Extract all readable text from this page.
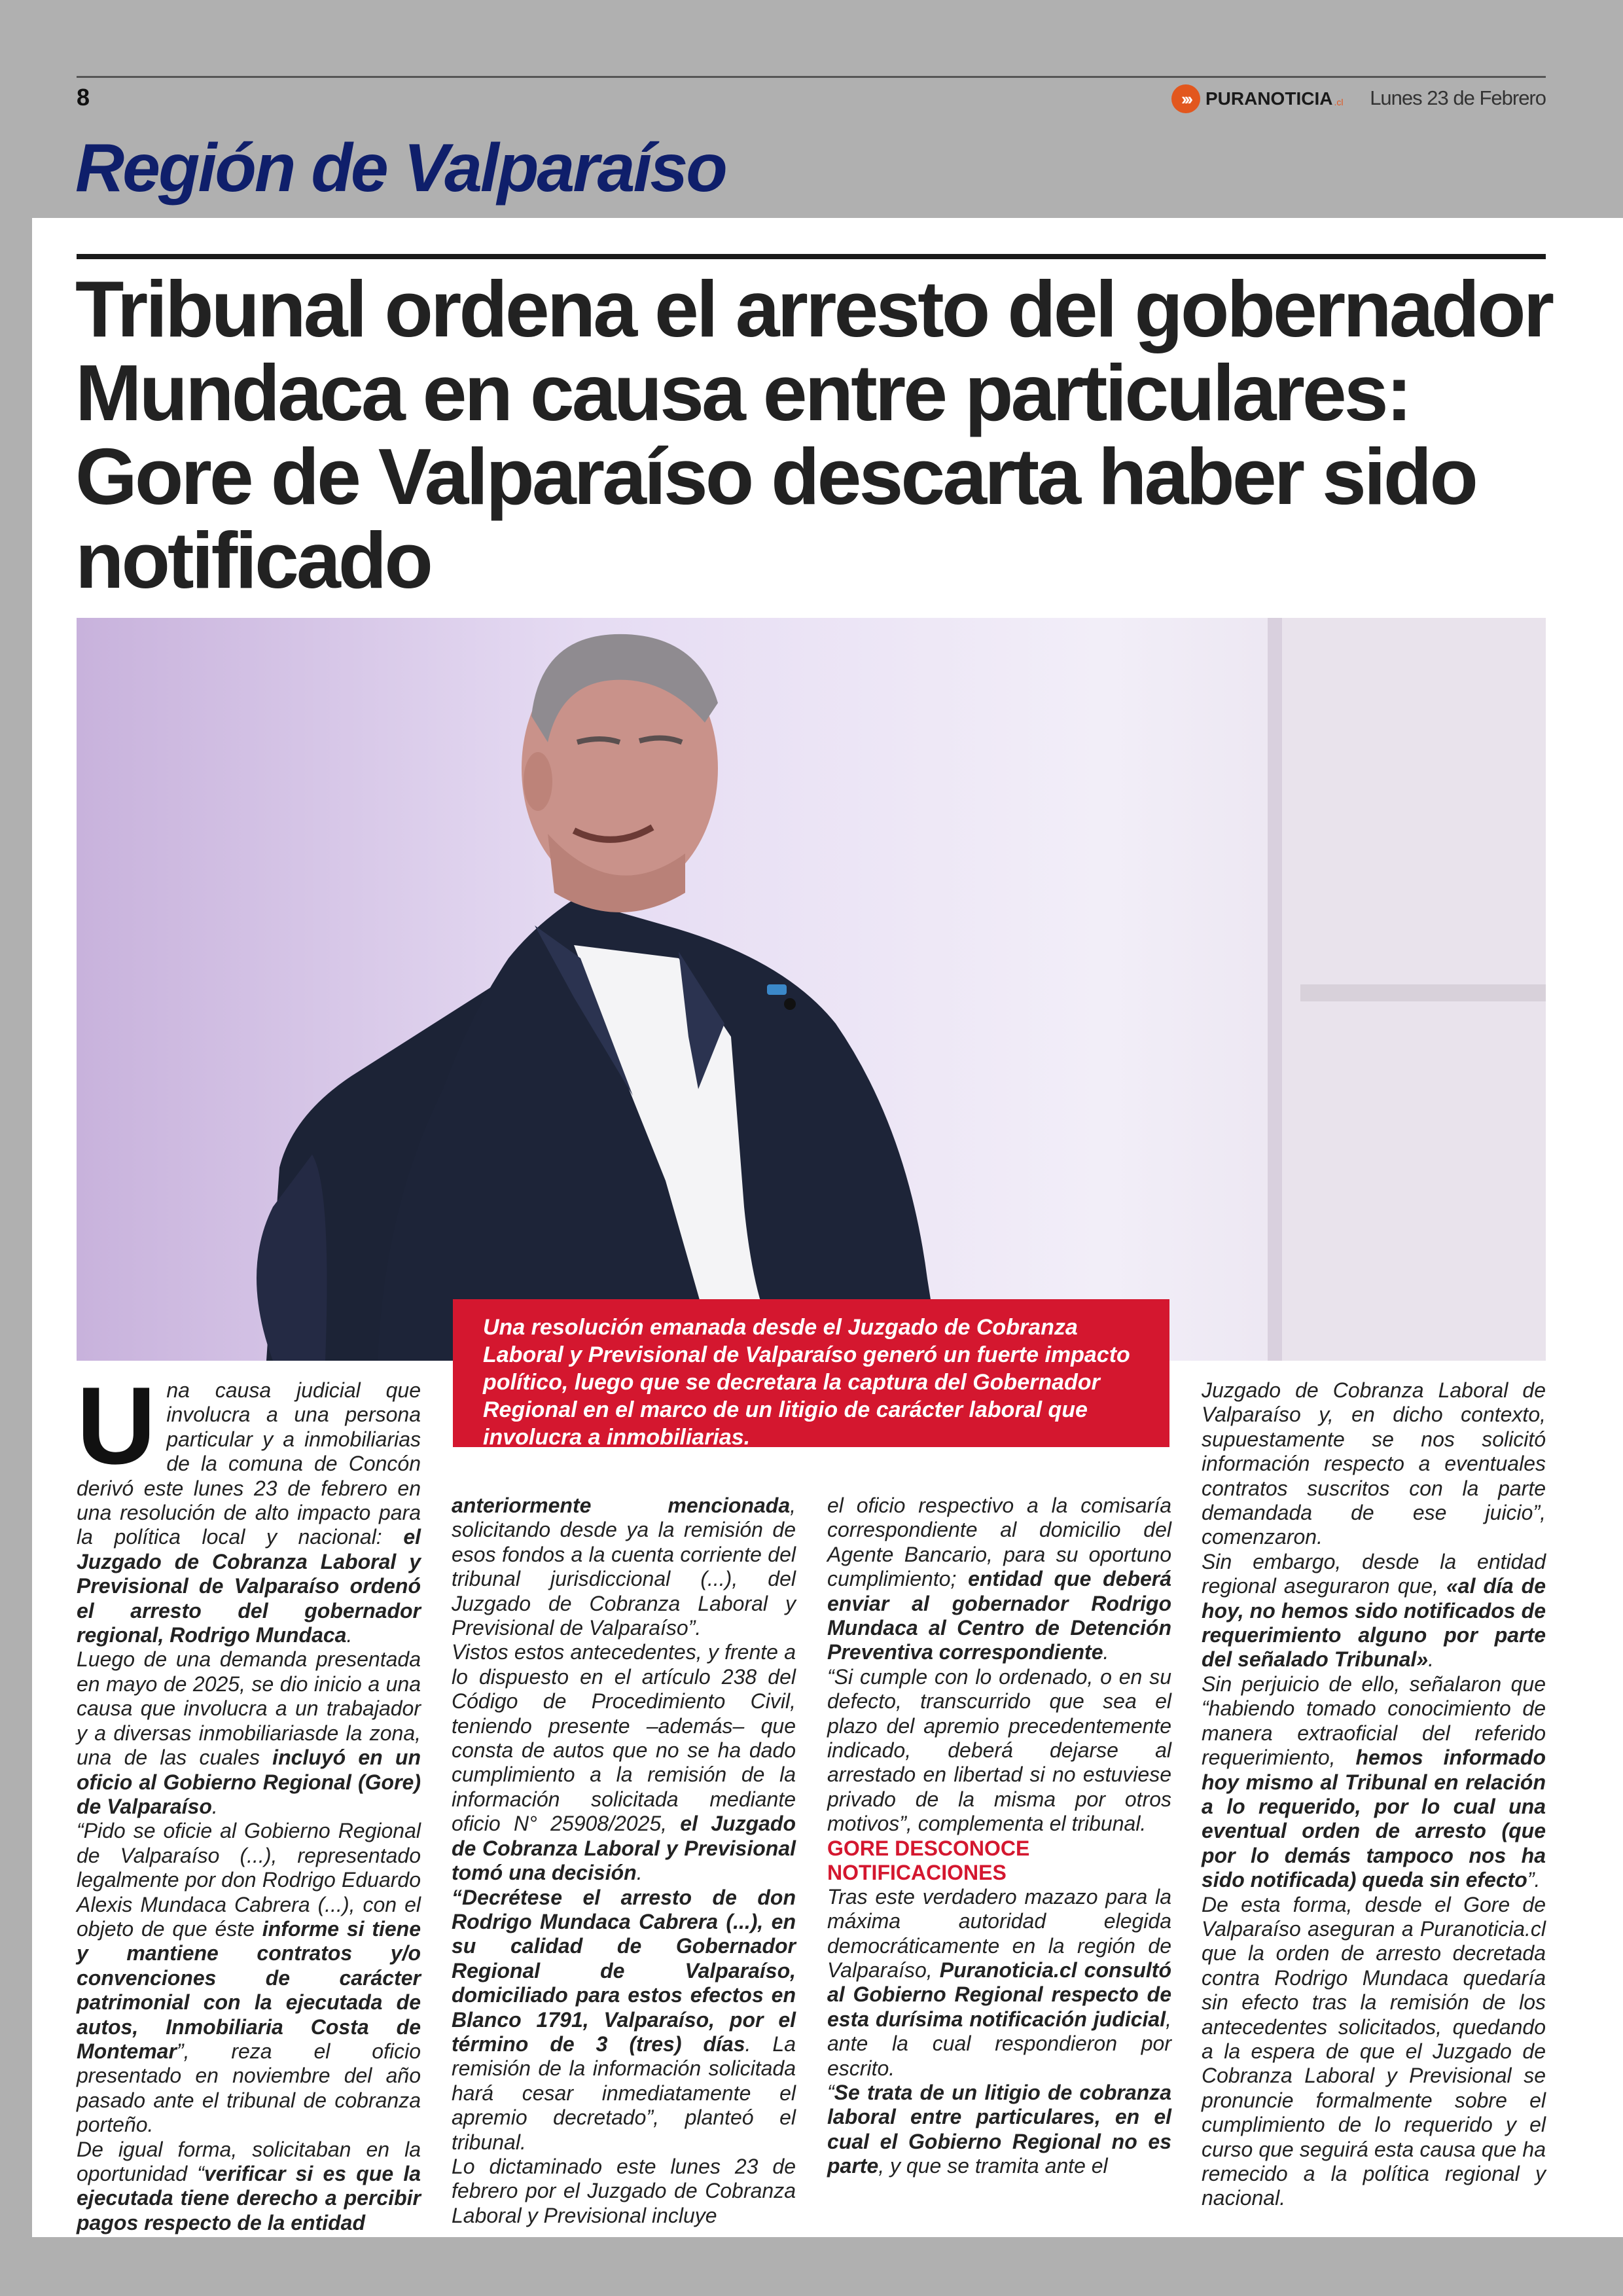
8	››› PURANOTICIA .cl Lunes 23 de Febrero
Región de Valparaíso
Tribunal ordena el arresto del gobernador Mundaca en causa entre particulares: Gore de Valparaíso descarta haber sido notificado
Una resolución emanada desde el Juzgado de Cobranza Laboral y Previsional de Valparaíso generó un fuerte impacto político, luego que se decretara la captura del Gobernador Regional en el marco de un litigio de carácter laboral que involucra a inmobiliarias.
U na causa judicial que involucra a una persona particular y a inmobiliarias de la comuna de Concón derivó este lunes 23 de febrero en una resolución de alto impacto para la política local y nacional: el Juzgado de Cobranza Laboral y Previsional de Valparaíso ordenó el arresto del gobernador regional, Rodrigo Mundaca.

Luego de una demanda presentada en mayo de 2025, se dio inicio a una causa que involucra a un trabajador y a diversas inmobiliariasde la zona, una de las cuales incluyó en un oficio al Gobierno Regional (Gore) de Valparaíso.

“Pido se oficie al Gobierno Regional de Valparaíso (...), representado legalmente por don Rodrigo Eduardo Alexis Mundaca Cabrera (...), con el objeto de que éste informe si tiene y mantiene contratos y/o convenciones de carácter patrimonial con la ejecutada de autos, Inmobiliaria Costa de Montemar”, reza el oficio presentado en noviembre del año pasado ante el tribunal de cobranza porteño.

De igual forma, solicitaban en la oportunidad “verificar si es que la ejecutada tiene derecho a percibir pagos respecto de la entidad

anteriormente mencionada, solicitando desde ya la remisión de esos fondos a la cuenta corriente del tribunal jurisdiccional (...), del Juzgado de Cobranza Laboral y Previsional de Valparaíso”.

Vistos estos antecedentes, y frente a lo dispuesto en el artículo 238 del Código de Procedimiento Civil, teniendo presente –además– que consta de autos que no se ha dado cumplimiento a la remisión de la información solicitada mediante oficio N° 25908/2025, el Juzgado de Cobranza Laboral y Previsional tomó una decisión.

“Decrétese el arresto de don Rodrigo Mundaca Cabrera (...), en su calidad de Gobernador Regional de Valparaíso, domiciliado para estos efectos en Blanco 1791, Valparaíso, por el término de 3 (tres) días. La remisión de la información solicitada hará cesar inmediatamente el apremio decretado”, planteó el tribunal.

Lo dictaminado este lunes 23 de febrero por el Juzgado de Cobranza Laboral y Previsional incluye

el oficio respectivo a la comisaría correspondiente al domicilio del Agente Bancario, para su oportuno cumplimiento; entidad que deberá enviar al gobernador Rodrigo Mundaca al Centro de Detención Preventiva correspondiente.

“Si cumple con lo ordenado, o en su defecto, transcurrido que sea el plazo del apremio precedentemente indicado, deberá dejarse al arrestado en libertad si no estuviese privado de la misma por otros motivos”, complementa el tribunal.

GORE DESCONOCE NOTIFICACIONES

Tras este verdadero mazazo para la máxima autoridad elegida democráticamente en la región de Valparaíso, Puranoticia.cl consultó al Gobierno Regional respecto de esta durísima notificación judicial, ante la cual respondieron por escrito.

“Se trata de un litigio de cobranza laboral entre particulares, en el cual el Gobierno Regional no es parte, y que se tramita ante el

Juzgado de Cobranza Laboral de Valparaíso y, en dicho contexto, supuestamente se nos solicitó información respecto a eventuales contratos suscritos con la parte demandada de ese juicio”, comenzaron.

Sin embargo, desde la entidad regional aseguraron que, «al día de hoy, no hemos sido notificados de requerimiento alguno por parte del señalado Tribunal».

Sin perjuicio de ello, señalaron que “habiendo tomado conocimiento de manera extraoficial del referido requerimiento, hemos informado hoy mismo al Tribunal en relación a lo requerido, por lo cual una eventual orden de arresto (que por lo demás tampoco nos ha sido notificada) queda sin efecto”.

De esta forma, desde el Gore de Valparaíso aseguran a Puranoticia.cl que la orden de arresto decretada contra Rodrigo Mundaca quedaría sin efecto tras la remisión de los antecedentes solicitados, quedando a la espera de que el Juzgado de Cobranza Laboral y Previsional se pronuncie formalmente sobre el cumplimiento de lo requerido y el curso que seguirá esta causa que ha remecido a la política regional y nacional.
